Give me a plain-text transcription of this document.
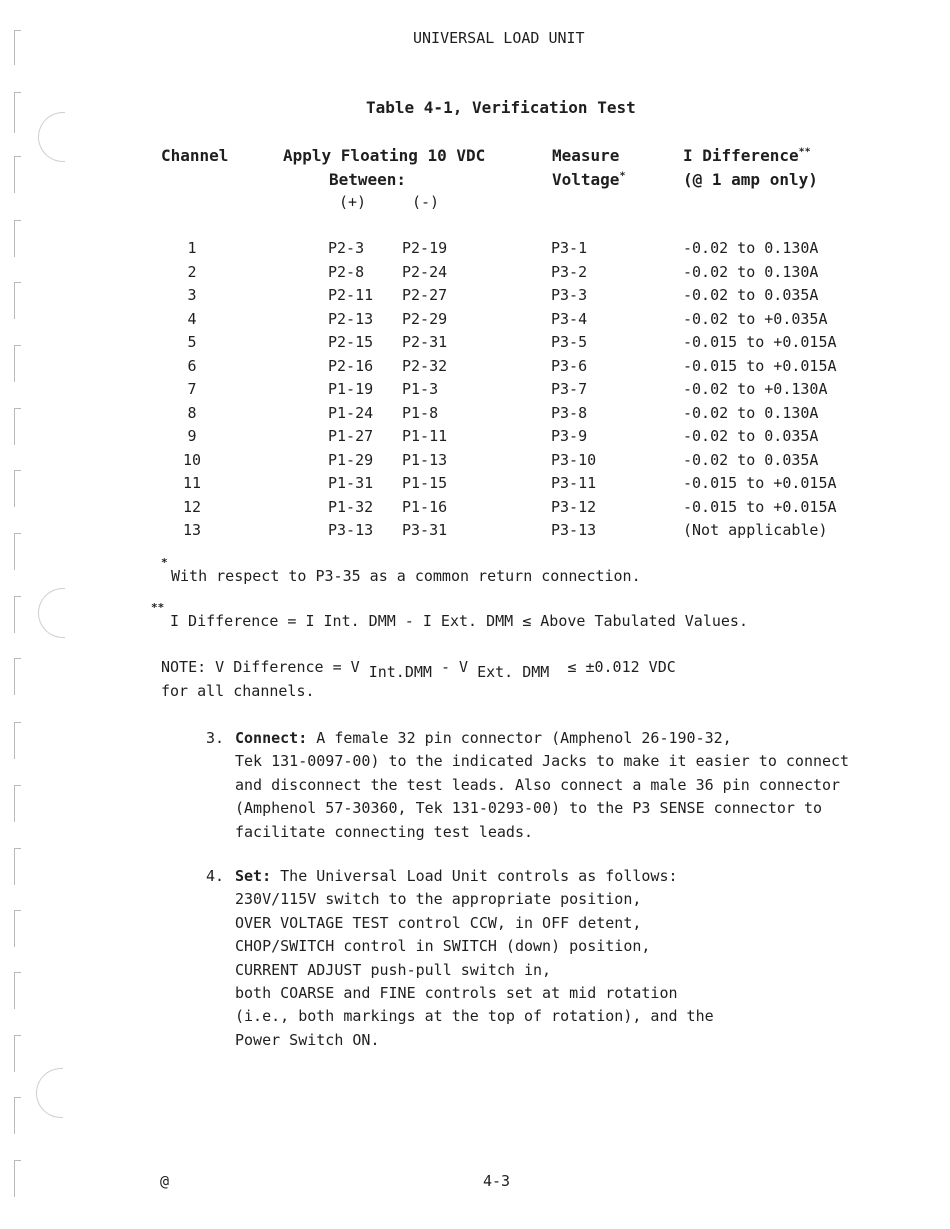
UNIVERSAL LOAD UNIT
Table 4-1, Verification Test
Channel	Apply Floating 10 VDC
Between:
(+)	(-)
Measure
Voltage*
I Difference**
(@ 1 amp only)
1	P2-3	P2-19	P3-1	-0.02 to 0.130A
2	P2-8	P2-24	P3-2	-0.02 to 0.130A
3	P2-11 P2-27	P3-3	-0.02 to 0.035A
4	P2-13 P2-29	P3-4	-0.02 to +0.035A
5	P2-15 P2-31	P3-5	-0.015 to +0.015A
6	P2-16 P2-32	P3-6	-0.015 to +0.015A
7	P1-19 P1-3	P3-7	-0.02 to +0.130A
8	P1-24 P1-8	P3-8	-0.02 to 0.130A
9	P1-27 P1-11	P3-9	-0.02 to 0.035A
10	P1-29 P1-13	P3-10	-0.02 to 0.035A
11	P1-31 P1-15	P3-11	-0.015 to +0.015A
12	P1-32 P1-16	P3-12	-0.015 to +0.015A
13	P3-13 P3-31	P3-13	(Not applicable)
*
With respect to P3-35 as a common return connection.
**
I Difference = I Int. DMM - I Ext. DMM ≤ Above Tabulated Values.
NOTE: V Difference = V $_{Int.DMM}$ - V $_{Ext. DMM}$ ≤ ±0.012 VDC
for all channels.
3. Connect: A female 32 pin connector (Amphenol 26-190-32,
Tek 131-0097-00) to the indicated Jacks to make it easier to connect
and disconnect the test leads. Also connect a male 36 pin connector
(Amphenol 57-30360, Tek 131-0293-00) to the P3 SENSE connector to
facilitate connecting test leads.
4. Set: The Universal Load Unit controls as follows:
230V/115V switch to the appropriate position,
OVER VOLTAGE TEST control CCW, in OFF detent,
CHOP/SWITCH control in SWITCH (down) position,
CURRENT ADJUST push-pull switch in,
both COARSE and FINE controls set at mid rotation
(i.e., both markings at the top of rotation), and the
Power Switch ON.
@	4-3
